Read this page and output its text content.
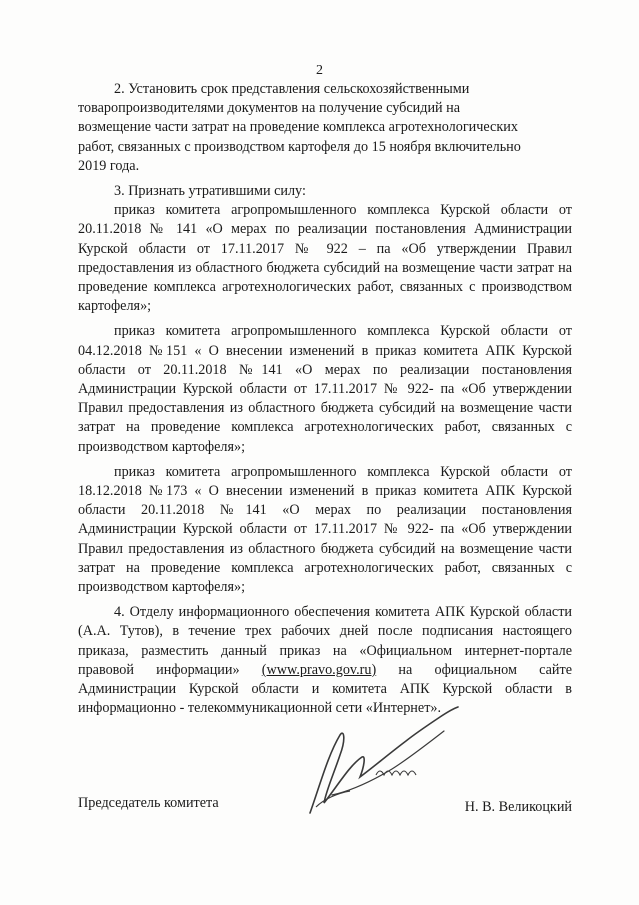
2

2. Установить срок представления сельскохозяйственными

товаропроизводителями документов на получение субсидий на

возмещение части затрат на проведение комплекса агротехнологических

работ, связанных с производством картофеля до 15 ноября включительно

2019 года.

3. Признать утратившими силу:

приказ комитета агропромышленного комплекса Курской области от 20.11.2018 № 141 «О мерах по реализации постановления Администрации Курской области от 17.11.2017 № 922 – па «Об утверждении Правил предоставления из областного бюджета субсидий на возмещение части затрат на проведение комплекса агротехнологических работ, связанных с производством картофеля»;

приказ комитета агропромышленного комплекса Курской области от 04.12.2018 №151 « О внесении изменений в приказ комитета АПК Курской области от 20.11.2018 №141 «О мерах по реализации постановления Администрации Курской области от 17.11.2017 № 922- па «Об утверждении Правил предоставления из областного бюджета субсидий на возмещение части затрат на проведение комплекса агротехнологических работ, связанных с производством картофеля»;

приказ комитета агропромышленного комплекса Курской области от 18.12.2018 №173 « О внесении изменений в приказ комитета АПК Курской области 20.11.2018 №141 «О мерах по реализации постановления Администрации Курской области от 17.11.2017 № 922- па «Об утверждении Правил предоставления из областного бюджета субсидий на возмещение части затрат на проведение комплекса агротехнологических работ, связанных с производством картофеля»;

4. Отделу информационного обеспечения комитета АПК Курской области (А.А. Тутов), в течение трех рабочих дней после подписания настоящего приказа, разместить данный приказ на «Официальном интернет-портале правовой информации» (www.pravo.gov.ru) на официальном сайте Администрации Курской области и комитета АПК Курской области в информационно - телекоммуникационной сети «Интернет».

Председатель комитета	Н. В. Великоцкий
